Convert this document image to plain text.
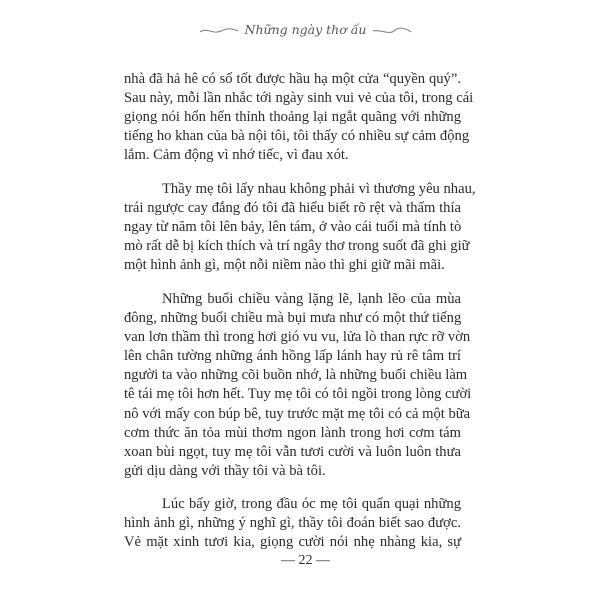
Những ngày thơ ấu
nhà đã hả hê có số tốt được hầu hạ một cửa “quyền quý”.
Sau này, mỗi lần nhắc tới ngày sinh vui vẻ của tôi, trong cái
giọng nói hổn hển thỉnh thoảng lại ngắt quãng với những
tiếng ho khan của bà nội tôi, tôi thấy có nhiều sự cảm động
lắm. Cảm động vì nhớ tiếc, vì đau xót.
Thầy mẹ tôi lấy nhau không phải vì thương yêu nhau,
trái ngược cay đắng đó tôi đã hiểu biết rõ rệt và thấm thía
ngay từ năm tôi lên bảy, lên tám, ở vào cái tuổi mà tính tò
mò rất dễ bị kích thích và trí ngây thơ trong suốt đã ghi giữ
một hình ảnh gì, một nỗi niềm nào thì ghi giữ mãi mãi.
Những buổi chiều vàng lặng lẽ, lạnh lẽo của mùa
đông, những buổi chiều mà bụi mưa như có một thứ tiếng
van lơn thầm thì trong hơi gió vu vu, lửa lò than rực rỡ vờn
lên chân tường những ánh hồng lấp lánh hay rủ rê tâm trí
người ta vào những cõi buồn nhớ, là những buổi chiều làm
tê tái mẹ tôi hơn hết. Tuy mẹ tôi có tôi ngồi trong lòng cười
nô với mấy con búp bê, tuy trước mặt mẹ tôi có cả một bữa
cơm thức ăn tỏa mùi thơm ngon lành trong hơi cơm tám
xoan bùi ngọt, tuy mẹ tôi vẫn tươi cười và luôn luôn thưa
gửi dịu dàng với thầy tôi và bà tôi.
Lúc bấy giờ, trong đầu óc mẹ tôi quẩn quại những
hình ảnh gì, những ý nghĩ gì, thầy tôi đoán biết sao được.
Vẻ mặt xinh tươi kia, giọng cười nói nhẹ nhàng kia, sự
— 22 —
